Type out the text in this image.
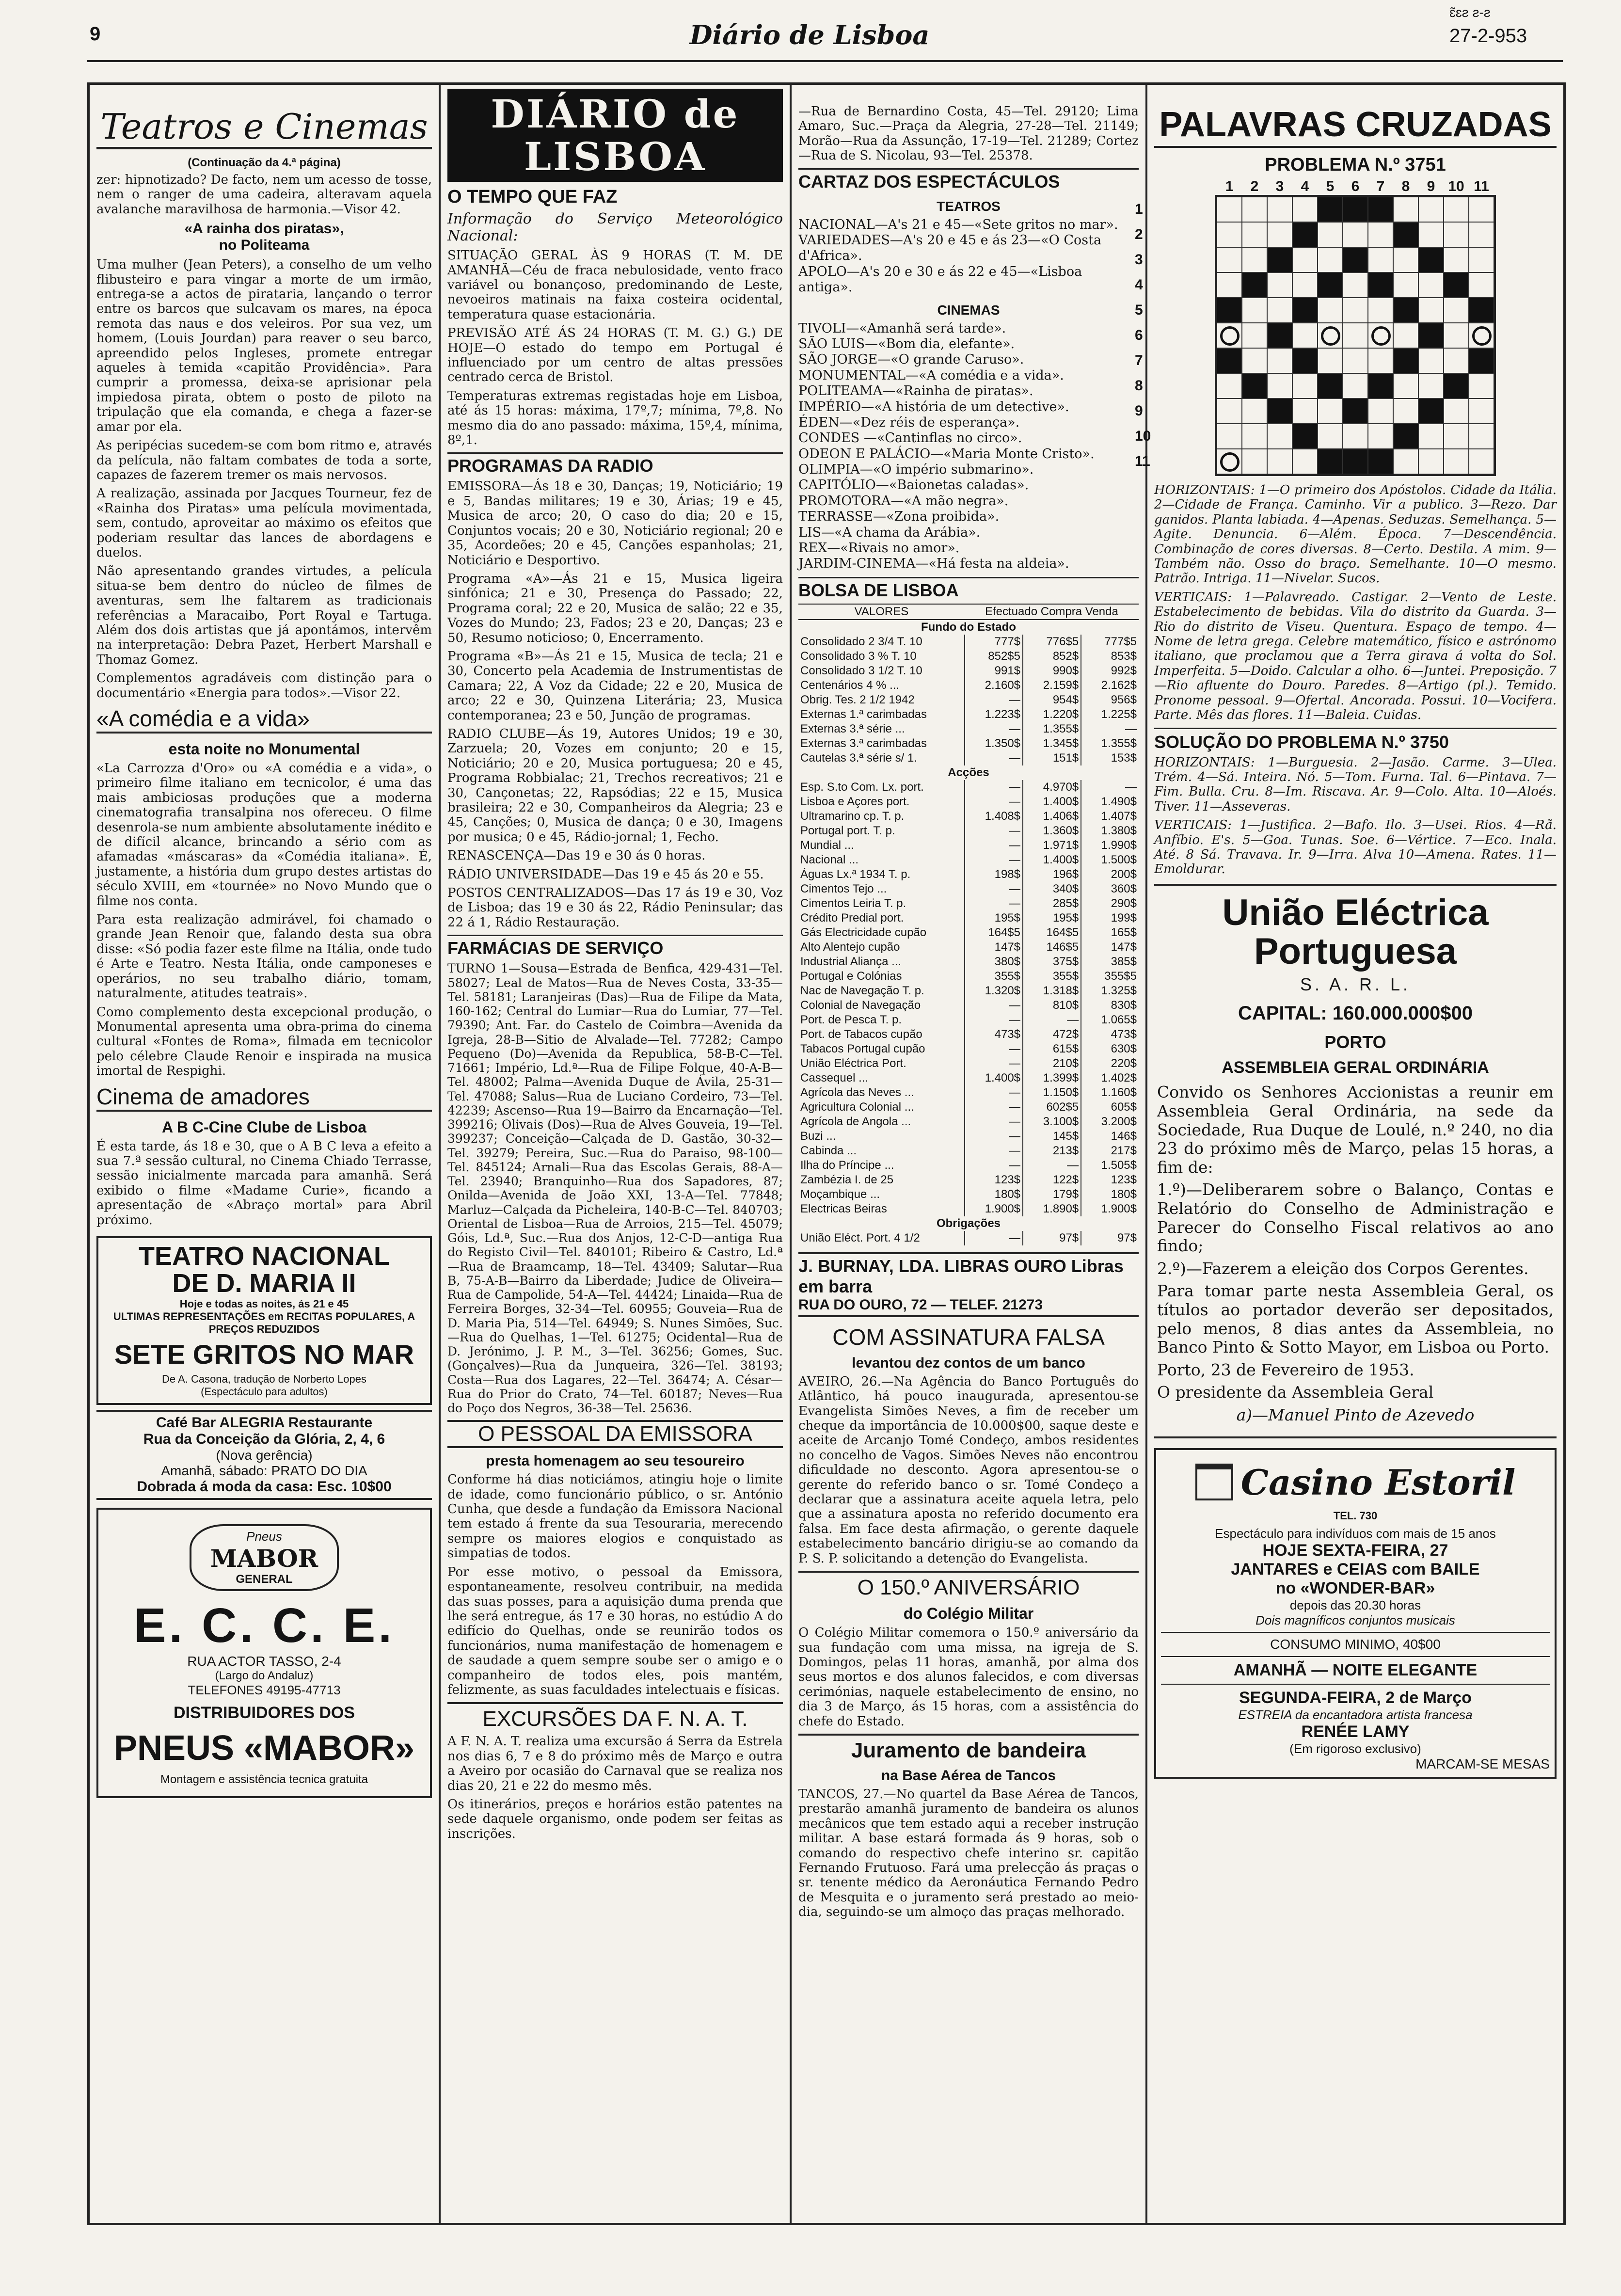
9	Diário de Lisboa
ɛ̃ɛƨ ƨ-ƨ
27-2-953
Teatros e Cinemas
(Continuação da 4.ª página)

zer: hipnotizado? De facto, nem um acesso de tosse, nem o ranger de uma cadeira, alteravam aquela avalanche maravilhosa de harmonia.—Visor 42.

«A rainha dos piratas»,
no Politeama

Uma mulher (Jean Peters), a conselho de um velho flibusteiro e para vingar a morte de um irmão, entrega-se a actos de pirataria, lançando o terror entre os barcos que sulcavam os mares, na época remota das naus e dos veleiros. Por sua vez, um homem, (Louis Jourdan) para reaver o seu barco, apreendido pelos Ingleses, promete entregar aqueles à temida «capitão Providência». Para cumprir a promessa, deixa-se aprisionar pela impiedosa pirata, obtem o posto de piloto na tripulação que ela comanda, e chega a fazer-se amar por ela.

As peripécias sucedem-se com bom ritmo e, através da película, não faltam combates de toda a sorte, capazes de fazerem tremer os mais nervosos.

A realização, assinada por Jacques Tourneur, fez de «Rainha dos Piratas» uma película movimentada, sem, contudo, aproveitar ao máximo os efeitos que poderiam resultar das lances de abordagens e duelos.

Não apresentando grandes virtudes, a película situa-se bem dentro do núcleo de filmes de aventuras, sem lhe faltarem as tradicionais referências a Maracaibo, Port Royal e Tartuga. Além dos dois artistas que já apontámos, intervêm na interpretação: Debra Pazet, Herbert Marshall e Thomaz Gomez.

Complementos agradáveis com distinção para o documentário «Energia para todos».—Visor 22.

«A comédia e a vida»
esta noite no Monumental

«La Carrozza d'Oro» ou «A comédia e a vida», o primeiro filme italiano em tecnicolor, é uma das mais ambiciosas produções que a moderna cinematografia transalpina nos ofereceu. O filme desenrola-se num ambiente absolutamente inédito e de difícil alcance, brincando a sério com as afamadas «máscaras» da «Comédia italiana». É, justamente, a história dum grupo destes artistas do século XVIII, em «tournée» no Novo Mundo que o filme nos conta.

Para esta realização admirável, foi chamado o grande Jean Renoir que, falando desta sua obra disse: «Só podia fazer este filme na Itália, onde tudo é Arte e Teatro. Nesta Itália, onde camponeses e operários, no seu trabalho diário, tomam, naturalmente, atitudes teatrais».

Como complemento desta excepcional produção, o Monumental apresenta uma obra-prima do cinema cultural «Fontes de Roma», filmada em tecnicolor pelo célebre Claude Renoir e inspirada na musica imortal de Respighi.

Cinema de amadores
A B C-Cine Clube de Lisboa

É esta tarde, ás 18 e 30, que o A B C leva a efeito a sua 7.ª sessão cultural, no Cinema Chiado Terrasse, sessão inicialmente marcada para amanhã. Será exibido o filme «Madame Curie», ficando a apresentação de «Abraço mortal» para Abril próximo.

TEATRO NACIONAL
DE D. MARIA II
Hoje e todas as noites, ás 21 e 45
ULTIMAS REPRESENTAÇÕES em RECITAS POPULARES, A PREÇOS REDUZIDOS
SETE GRITOS NO MAR
De A. Casona, tradução de Norberto Lopes
(Espectáculo para adultos)
Café Bar ALEGRIA Restaurante
Rua da Conceição da Glória, 2, 4, 6
(Nova gerência)
Amanhã, sábado: PRATO DO DIA
Dobrada á moda da casa: Esc. 10$00
Pneus
MABOR
GENERAL
E. C. C. E.
RUA ACTOR TASSO, 2-4
(Largo do Andaluz)
TELEFONES 49195-47713
DISTRIBUIDORES DOS
PNEUS «MABOR»
Montagem e assistência tecnica gratuita
DIÁRIO de LISBOA
O TEMPO QUE FAZ

Informação do Serviço Meteorológico Nacional:

SITUAÇÃO GERAL ÀS 9 HORAS (T. M. DE AMANHÃ—Céu de fraca nebulosidade, vento fraco variável ou bonançoso, predominando de Leste, nevoeiros matinais na faixa costeira ocidental, temperatura quase estacionária.

PREVISÃO ATÉ ÁS 24 HORAS (T. M. G.) G.) DE HOJE—O estado do tempo em Portugal é influenciado por um centro de altas pressões centrado cerca de Bristol.

Temperaturas extremas registadas hoje em Lisboa, até ás 15 horas: máxima, 17º,7; mínima, 7º,8. No mesmo dia do ano passado: máxima, 15º,4, mínima, 8º,1.

PROGRAMAS DA RADIO

EMISSORA—Ás 18 e 30, Danças; 19, Noticiário; 19 e 5, Bandas militares; 19 e 30, Árias; 19 e 45, Musica de arco; 20, O caso do dia; 20 e 15, Conjuntos vocais; 20 e 30, Noticiário regional; 20 e 35, Acordeões; 20 e 45, Canções espanholas; 21, Noticiário e Desportivo.

Programa «A»—Ás 21 e 15, Musica ligeira sinfónica; 21 e 30, Presença do Passado; 22, Programa coral; 22 e 20, Musica de salão; 22 e 35, Vozes do Mundo; 23, Fados; 23 e 20, Danças; 23 e 50, Resumo noticioso; 0, Encerramento.

Programa «B»—Ás 21 e 15, Musica de tecla; 21 e 30, Concerto pela Academia de Instrumentistas de Camara; 22, A Voz da Cidade; 22 e 20, Musica de arco; 22 e 30, Quinzena Literária; 23, Musica contemporanea; 23 e 50, Junção de programas.

RADIO CLUBE—Ás 19, Autores Unidos; 19 e 30, Zarzuela; 20, Vozes em conjunto; 20 e 15, Noticiário; 20 e 20, Musica portuguesa; 20 e 45, Programa Robbialac; 21, Trechos recreativos; 21 e 30, Cançonetas; 22, Rapsódias; 22 e 15, Musica brasileira; 22 e 30, Companheiros da Alegria; 23 e 45, Canções; 0, Musica de dança; 0 e 30, Imagens por musica; 0 e 45, Rádio-jornal; 1, Fecho.

RENASCENÇA—Das 19 e 30 ás 0 horas.

RÁDIO UNIVERSIDADE—Das 19 e 45 ás 20 e 55.

POSTOS CENTRALIZADOS—Das 17 ás 19 e 30, Voz de Lisboa; das 19 e 30 ás 22, Rádio Peninsular; das 22 á 1, Rádio Restauração.

FARMÁCIAS DE SERVIÇO

TURNO 1—Sousa—Estrada de Benfica, 429-431—Tel. 58027; Leal de Matos—Rua de Neves Costa, 33-35—Tel. 58181; Laranjeiras (Das)—Rua de Filipe da Mata, 160-162; Central do Lumiar—Rua do Lumiar, 77—Tel. 79390; Ant. Far. do Castelo de Coimbra—Avenida da Igreja, 28-B—Sitio de Alvalade—Tel. 77282; Campo Pequeno (Do)—Avenida da Republica, 58-B-C—Tel. 71661; Império, Ld.ª—Rua de Filipe Folque, 40-A-B—Tel. 48002; Palma—Avenida Duque de Ávila, 25-31—Tel. 47088; Salus—Rua de Luciano Cordeiro, 73—Tel. 42239; Ascenso—Rua 19—Bairro da Encarnação—Tel. 399216; Olivais (Dos)—Rua de Alves Gouveia, 19—Tel. 399237; Conceição—Calçada de D. Gastão, 30-32—Tel. 39279; Pereira, Suc.—Rua do Paraiso, 98-100—Tel. 845124; Arnali—Rua das Escolas Gerais, 88-A—Tel. 23940; Branquinho—Rua dos Sapadores, 87; Onilda—Avenida de João XXI, 13-A—Tel. 77848; Marluz—Calçada da Picheleira, 140-B-C—Tel. 840703; Oriental de Lisboa—Rua de Arroios, 215—Tel. 45079; Góis, Ld.ª, Suc.—Rua dos Anjos, 12-C-D—antiga Rua do Registo Civil—Tel. 840101; Ribeiro & Castro, Ld.ª—Rua de Braamcamp, 18—Tel. 43409; Salutar—Rua B, 75-A-B—Bairro da Liberdade; Judice de Oliveira—Rua de Campolide, 54-A—Tel. 44424; Linaida—Rua de Ferreira Borges, 32-34—Tel. 60955; Gouveia—Rua de D. Maria Pia, 514—Tel. 64949; S. Nunes Simões, Suc.—Rua do Quelhas, 1—Tel. 61275; Ocidental—Rua de D. Jerónimo, J. P. M., 3—Tel. 36256; Gomes, Suc. (Gonçalves)—Rua da Junqueira, 326—Tel. 38193; Costa—Rua dos Lagares, 22—Tel. 36474; A. César—Rua do Prior do Crato, 74—Tel. 60187; Neves—Rua do Poço dos Negros, 36-38—Tel. 25636.

O PESSOAL DA EMISSORA
presta homenagem ao seu tesoureiro

Conforme há dias noticiámos, atingiu hoje o limite de idade, como funcionário público, o sr. António Cunha, que desde a fundação da Emissora Nacional tem estado á frente da sua Tesouraria, merecendo sempre os maiores elogios e conquistado as simpatias de todos.

Por esse motivo, o pessoal da Emissora, espontaneamente, resolveu contribuir, na medida das suas posses, para a aquisição duma prenda que lhe será entregue, ás 17 e 30 horas, no estúdio A do edifício do Quelhas, onde se reunirão todos os funcionários, numa manifestação de homenagem e de saudade a quem sempre soube ser o amigo e o companheiro de todos eles, pois mantém, felizmente, as suas faculdades intelectuais e físicas.

EXCURSÕES DA F. N. A. T.

A F. N. A. T. realiza uma excursão á Serra da Estrela nos dias 6, 7 e 8 do próximo mês de Março e outra a Aveiro por ocasião do Carnaval que se realiza nos dias 20, 21 e 22 do mesmo mês.

Os itinerários, preços e horários estão patentes na sede daquele organismo, onde podem ser feitas as inscrições.

—Rua de Bernardino Costa, 45—Tel. 29120; Lima Amaro, Suc.—Praça da Alegria, 27-28—Tel. 21149; Morão—Rua da Assunção, 17-19—Tel. 21289; Cortez—Rua de S. Nicolau, 93—Tel. 25378.

CARTAZ DOS ESPECTÁCULOS
TEATROS
NACIONAL—A's 21 e 45—«Sete gritos no mar».
VARIEDADES—A's 20 e 45 e ás 23—«O Costa d'Africa».
APOLO—A's 20 e 30 e ás 22 e 45—«Lisboa antiga».
CINEMAS
TIVOLI—«Amanhã será tarde».
SÃO LUIS—«Bom dia, elefante».
SÃO JORGE—«O grande Caruso».
MONUMENTAL—«A comédia e a vida».
POLITEAMA—«Rainha de piratas».
IMPÉRIO—«A história de um detective».
ÉDEN—«Dez réis de esperança».
CONDES —«Cantinflas no circo».
ODEON E PALÁCIO—«Maria Monte Cristo».
OLIMPIA—«O império submarino».
CAPITÓLIO—«Baionetas caladas».
PROMOTORA—«A mão negra».
TERRASSE—«Zona proibida».
LIS—«A chama da Arábia».
REX—«Rivais no amor».
JARDIM-CINEMA—«Há festa na aldeia».
BOLSA DE LISBOA
VALORES	Efectuado Compra Venda		
Fundo do Estado			
Consolidado 2 3/4 T. 10	777$	776$5	777$5
Consolidado 3 % T. 10	852$5	852$	853$
Consolidado 3 1/2 T. 10	991$	990$	992$
Centenários 4 % ...	2.160$	2.159$	2.162$
Obrig. Tes. 2 1/2 1942	—	954$	956$
Externas 1.ª carimbadas	1.223$	1.220$	1.225$
Externas 3.ª série ...	—	1.355$	—
Externas 3.ª carimbadas	1.350$	1.345$	1.355$
Cautelas 3.ª série s/ 1.	—	151$	153$
Acções			
Esp. S.to Com. Lx. port.	—	4.970$	—
Lisboa e Açores port.	—	1.400$	1.490$
Ultramarino cp. T. p.	1.408$	1.406$	1.407$
Portugal port. T. p.	—	1.360$	1.380$
Mundial ...	—	1.971$	1.990$
Nacional ...	—	1.400$	1.500$
Águas Lx.ª 1934 T. p.	198$	196$	200$
Cimentos Tejo ...	—	340$	360$
Cimentos Leiria T. p.	—	285$	290$
Crédito Predial port.	195$	195$	199$
Gás Electricidade cupão	164$5	164$5	165$
Alto Alentejo cupão	147$	146$5	147$
Industrial Aliança ...	380$	375$	385$
Portugal e Colónias	355$	355$	355$5
Nac de Navegação T. p.	1.320$	1.318$	1.325$
Colonial de Navegação	—	810$	830$
Port. de Pesca T. p.	—	—	1.065$
Port. de Tabacos cupão	473$	472$	473$
Tabacos Portugal cupão	—	615$	630$
União Eléctrica Port.	—	210$	220$
Cassequel ...	1.400$	1.399$	1.402$
Agrícola das Neves ...	—	1.150$	1.160$
Agricultura Colonial ...	—	602$5	605$
Agrícola de Angola ...	—	3.100$	3.200$
Buzi ...	—	145$	146$
Cabinda ...	—	213$	217$
Ilha do Príncipe ...	—	—	1.505$
Zambézia I. de 25	123$	122$	123$
Moçambique ...	180$	179$	180$
Electricas Beiras	1.900$	1.890$	1.900$
Obrigações			
União Eléct. Port. 4 1/2	—	97$	97$
J. BURNAY, LDA. LIBRAS OURO Libras em barra
RUA DO OURO, 72 — TELEF. 21273
COM ASSINATURA FALSA
levantou dez contos de um banco

AVEIRO, 26.—Na Agência do Banco Português do Atlântico, há pouco inaugurada, apresentou-se Evangelista Simões Neves, a fim de receber um cheque da importância de 10.000$00, saque deste e aceite de Arcanjo Tomé Condeço, ambos residentes no concelho de Vagos. Simões Neves não encontrou dificuldade no desconto. Agora apresentou-se o gerente do referido banco o sr. Tomé Condeço a declarar que a assinatura aceite aquela letra, pelo que a assinatura aposta no referido documento era falsa. Em face desta afirmação, o gerente daquele estabelecimento bancário dirigiu-se ao comando da P. S. P. solicitando a detenção do Evangelista.

O 150.º ANIVERSÁRIO
do Colégio Militar

O Colégio Militar comemora o 150.º aniversário da sua fundação com uma missa, na igreja de S. Domingos, pelas 11 horas, amanhã, por alma dos seus mortos e dos alunos falecidos, e com diversas cerimónias, naquele estabelecimento de ensino, no dia 3 de Março, ás 15 horas, com a assistência do chefe do Estado.

Juramento de bandeira
na Base Aérea de Tancos

TANCOS, 27.—No quartel da Base Aérea de Tancos, prestarão amanhã juramento de bandeira os alunos mecânicos que tem estado aqui a receber instrução militar. A base estará formada ás 9 horas, sob o comando do respectivo chefe interino sr. capitão Fernando Frutuoso. Fará uma prelecção ás praças o sr. tenente médico da Aeronáutica Fernando Pedro de Mesquita e o juramento será prestado ao meio-dia, seguindo-se um almoço das praças melhorado.

PALAVRAS CRUZADAS
PROBLEMA N.º 3751
1	2	3	4	5	6	7	8	9 10 11
1
2
3
4
5
6
7
8
9
10
11

HORIZONTAIS: 1—O primeiro dos Apóstolos. Cidade da Itália. 2—Cidade de França. Caminho. Vir a publico. 3—Rezo. Dar ganidos. Planta labiada. 4—Apenas. Seduzas. Semelhança. 5—Agite. Denuncia. 6—Além. Época. 7—Descendência. Combinação de cores diversas. 8—Certo. Destila. A mim. 9—Também não. Osso do braço. Semelhante. 10—O mesmo. Patrão. Intriga. 11—Nivelar. Sucos.

VERTICAIS: 1—Palavreado. Castigar. 2—Vento de Leste. Estabelecimento de bebidas. Vila do distrito da Guarda. 3—Rio do distrito de Viseu. Quentura. Espaço de tempo. 4—Nome de letra grega. Celebre matemático, físico e astrónomo italiano, que proclamou que a Terra girava á volta do Sol. Imperfeita. 5—Doido. Calcular a olho. 6—Juntei. Preposição. 7—Rio afluente do Douro. Paredes. 8—Artigo (pl.). Temido. Pronome pessoal. 9—Ofertal. Ancorada. Possui. 10—Vocifera. Parte. Mês das flores. 11—Baleia. Cuidas.

SOLUÇÃO DO PROBLEMA N.º 3750

HORIZONTAIS: 1—Burguesia. 2—Jasão. Carme. 3—Ulea. Trém. 4—Sá. Inteira. Nó. 5—Tom. Furna. Tal. 6—Pintava. 7—Fim. Bulla. Cru. 8—Im. Riscava. Ar. 9—Colo. Alta. 10—Aloés. Tiver. 11—Asseveras.

VERTICAIS: 1—Justifica. 2—Bafo. Ilo. 3—Usei. Rios. 4—Rã. Anfíbio. E's. 5—Goa. Tunas. Soe. 6—Vértice. 7—Eco. Inala. Até. 8 Sá. Travava. Ir. 9—Irra. Alva 10—Amena. Rates. 11—Emoldurar.

União Eléctrica
Portuguesa
S. A. R. L.
CAPITAL: 160.000.000$00
PORTO
ASSEMBLEIA GERAL ORDINÁRIA

Convido os Senhores Accionistas a reunir em Assembleia Geral Ordinária, na sede da Sociedade, Rua Duque de Loulé, n.º 240, no dia 23 do próximo mês de Março, pelas 15 horas, a fim de:

1.º)—Deliberarem sobre o Balanço, Contas e Relatório do Conselho de Administração e Parecer do Conselho Fiscal relativos ao ano findo;

2.º)—Fazerem a eleição dos Corpos Gerentes.

Para tomar parte nesta Assembleia Geral, os títulos ao portador deverão ser depositados, pelo menos, 8 dias antes da Assembleia, no Banco Pinto & Sotto Mayor, em Lisboa ou Porto.

Porto, 23 de Fevereiro de 1953.

O presidente da Assembleia Geral

a)—Manuel Pinto de Azevedo

Casino Estoril
TEL. 730
Espectáculo para indivíduos com mais de 15 anos
HOJE SEXTA-FEIRA, 27
JANTARES e CEIAS com BAILE
no «WONDER-BAR»
depois das 20.30 horas
Dois magníficos conjuntos musicais
CONSUMO MINIMO, 40$00
AMANHÃ — NOITE ELEGANTE
SEGUNDA-FEIRA, 2 de Março
ESTREIA da encantadora artista francesa
RENÉE LAMY
(Em rigoroso exclusivo)
MARCAM-SE MESAS
